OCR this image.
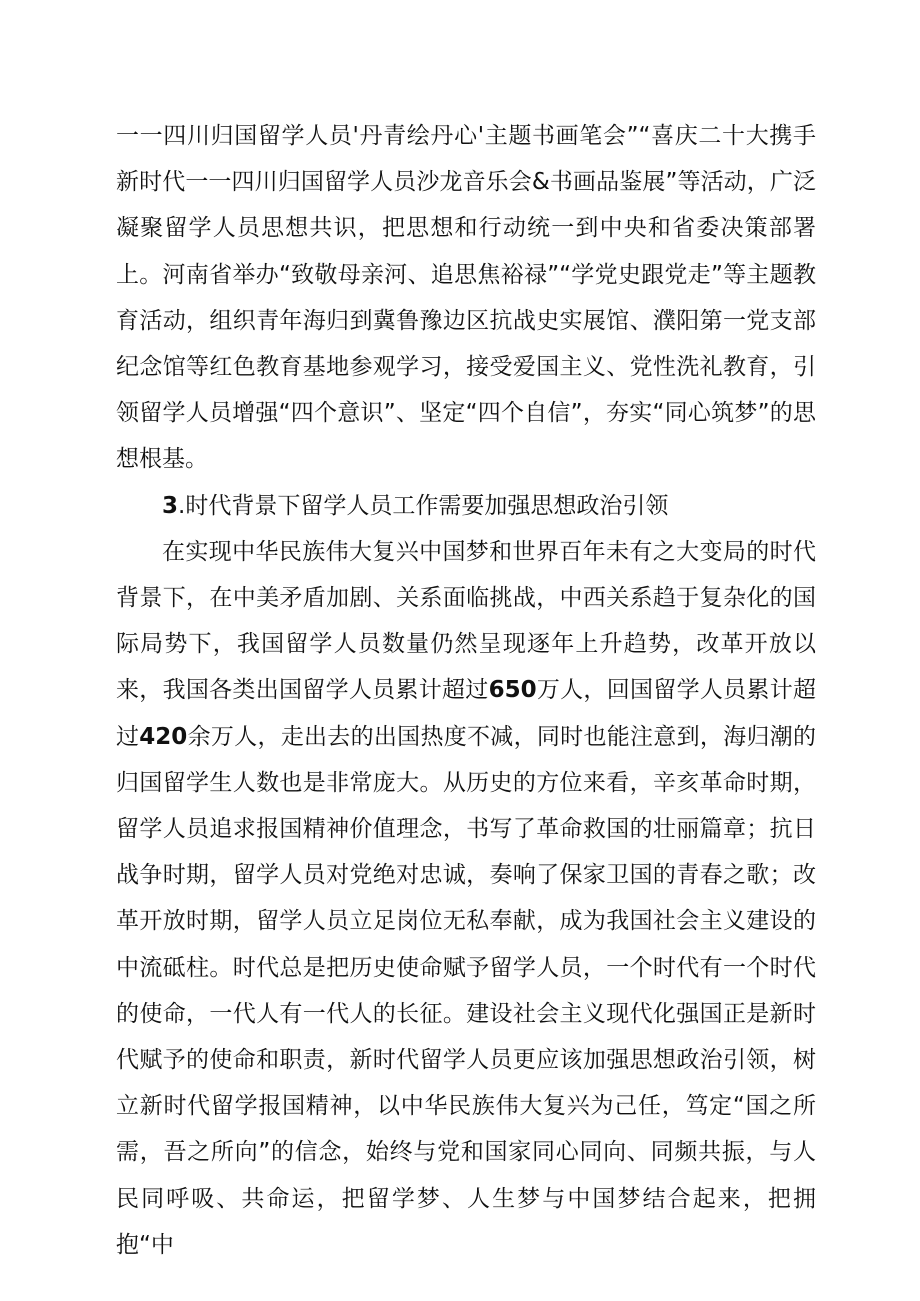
一一四川归国留学人员'丹青绘丹心'主题书画笔会”“喜庆二十大携手新时代一一四川归国留学人员沙龙音乐会&书画品鉴展”等活动，广泛凝聚留学人员思想共识，把思想和行动统一到中央和省委决策部署上。河南省举办“致敬母亲河、追思焦裕禄”“学党史跟党走”等主题教育活动，组织青年海归到冀鲁豫边区抗战史实展馆、濮阳第一党支部纪念馆等红色教育基地参观学习，接受爱国主义、党性洗礼教育，引领留学人员增强“四个意识”、坚定“四个自信”，夯实“同心筑梦”的思想根基。

3.时代背景下留学人员工作需要加强思想政治引领

在实现中华民族伟大复兴中国梦和世界百年未有之大变局的时代背景下，在中美矛盾加剧、关系面临挑战，中西关系趋于复杂化的国际局势下，我国留学人员数量仍然呈现逐年上升趋势，改革开放以来，我国各类出国留学人员累计超过650万人，回国留学人员累计超过420余万人，走出去的出国热度不减，同时也能注意到，海归潮的归国留学生人数也是非常庞大。从历史的方位来看，辛亥革命时期，留学人员追求报国精神价值理念，书写了革命救国的壮丽篇章；抗日战争时期，留学人员对党绝对忠诚，奏响了保家卫国的青春之歌；改革开放时期，留学人员立足岗位无私奉献，成为我国社会主义建设的中流砥柱。时代总是把历史使命赋予留学人员，一个时代有一个时代的使命，一代人有一代人的长征。建设社会主义现代化强国正是新时代赋予的使命和职责，新时代留学人员更应该加强思想政治引领，树立新时代留学报国精神，以中华民族伟大复兴为己任，笃定“国之所需，吾之所向”的信念，始终与党和国家同心同向、同频共振，与人民同呼吸、共命运，把留学梦、人生梦与中国梦结合起来，把拥抱“中
